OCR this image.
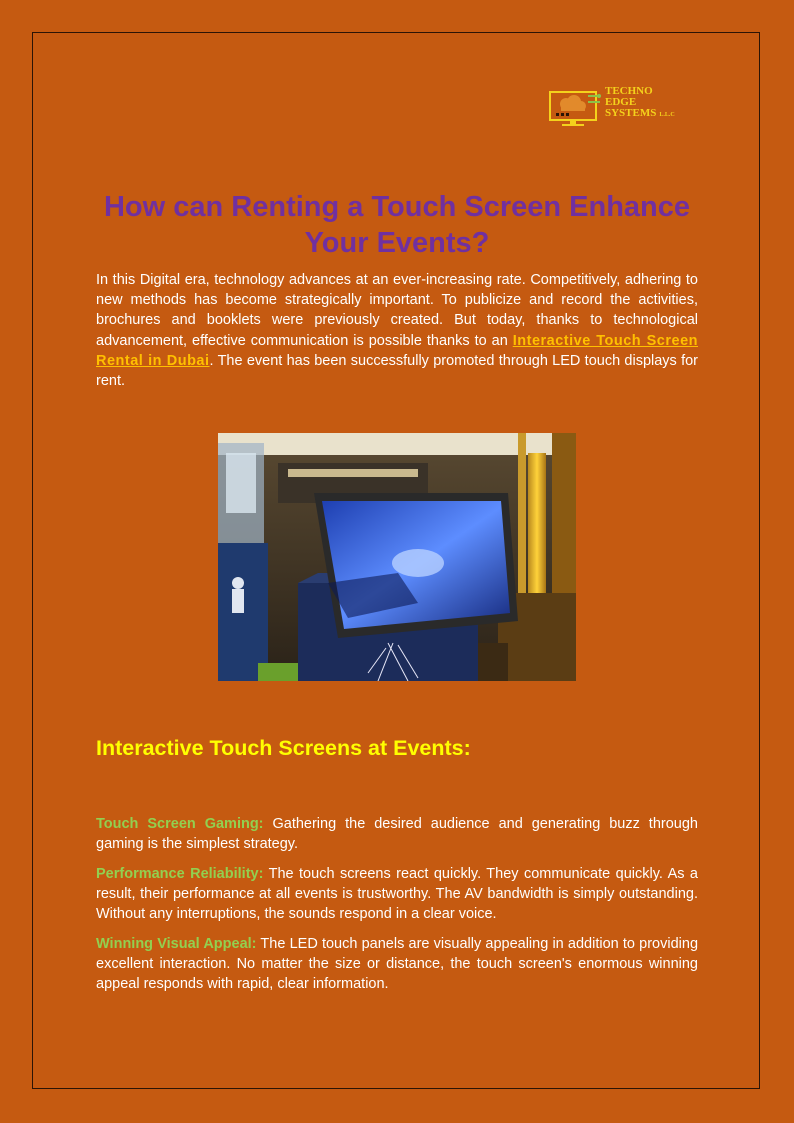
TECHNO
EDGE
SYSTEMS L.L.C
How can Renting a Touch Screen Enhance Your Events?

In this Digital era, technology advances at an ever-increasing rate. Competitively, adhering to new methods has become strategically important. To publicize and record the activities, brochures and booklets were previously created. But today, thanks to technological advancement, effective communication is possible thanks to an Interactive Touch Screen Rental in Dubai. The event has been successfully promoted through LED touch displays for rent.

Interactive Touch Screens at Events:

Touch Screen Gaming: Gathering the desired audience and generating buzz through gaming is the simplest strategy.

Performance Reliability: The touch screens react quickly. They communicate quickly. As a result, their performance at all events is trustworthy. The AV bandwidth is simply outstanding. Without any interruptions, the sounds respond in a clear voice.

Winning Visual Appeal: The LED touch panels are visually appealing in addition to providing excellent interaction. No matter the size or distance, the touch screen's enormous winning appeal responds with rapid, clear information.
